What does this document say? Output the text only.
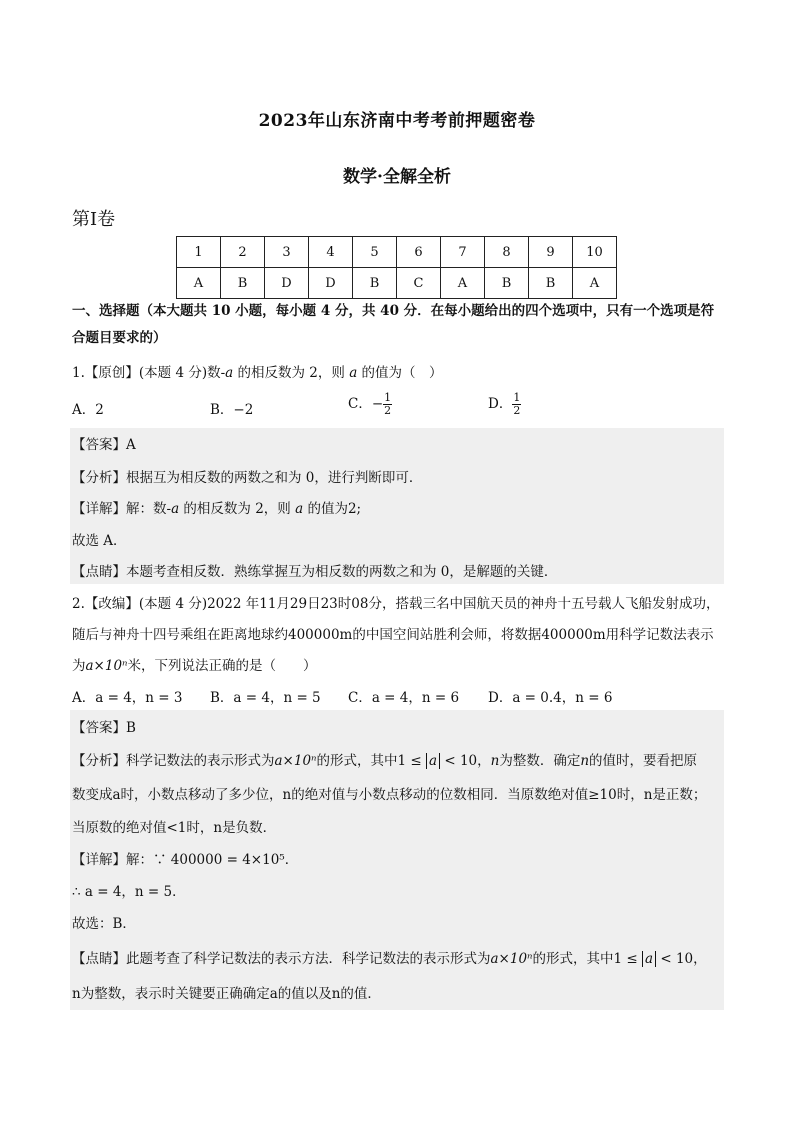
2023年山东济南中考考前押题密卷
数学·全解全析
第Ⅰ卷
1	2	3	4	5	6	7	8	9	10
A	B	D	D	B	C	A	B	B	A
一、选择题（本大题共 10 小题，每小题 4 分，共 40 分．在每小题给出的四个选项中，只有一个选项是符
合题目要求的）
1.【原创】(本题 4 分)数-a 的相反数为 2，则 a 的值为（　）
A．2	B．−2	C．− $\frac{1}{2}$	D． $\frac{1}{2}$
【答案】A
【分析】根据互为相反数的两数之和为 0，进行判断即可．
【详解】解：数-a 的相反数为 2，则 a 的值为2;
故选 A．
【点睛】本题考查相反数．熟练掌握互为相反数的两数之和为 0，是解题的关键．
2.【改编】(本题 4 分)2022 年11月29日23时08分，搭载三名中国航天员的神舟十五号载人飞船发射成功，
随后与神舟十四号乘组在距离地球约400000m的中国空间站胜利会师，将数据400000m用科学记数法表示
为a×10ⁿ米，下列说法正确的是（　　）
A．a = 4，n = 3 B．a = 4，n = 5 C．a = 4，n = 6 D．a = 0.4，n = 6
【答案】B
【分析】科学记数法的表示形式为a×10ⁿ的形式，其中1 ≤ a < 10，n为整数．确定n的值时，要看把原
数变成a时，小数点移动了多少位，n的绝对值与小数点移动的位数相同．当原数绝对值≥10时，n是正数；
当原数的绝对值<1时，n是负数．
【详解】解：∵ 400000 = 4×10⁵．
∴ a = 4，n = 5．
故选：B．
【点睛】此题考查了科学记数法的表示方法．科学记数法的表示形式为a×10ⁿ的形式，其中1 ≤ a < 10，
n为整数，表示时关键要正确确定a的值以及n的值．
